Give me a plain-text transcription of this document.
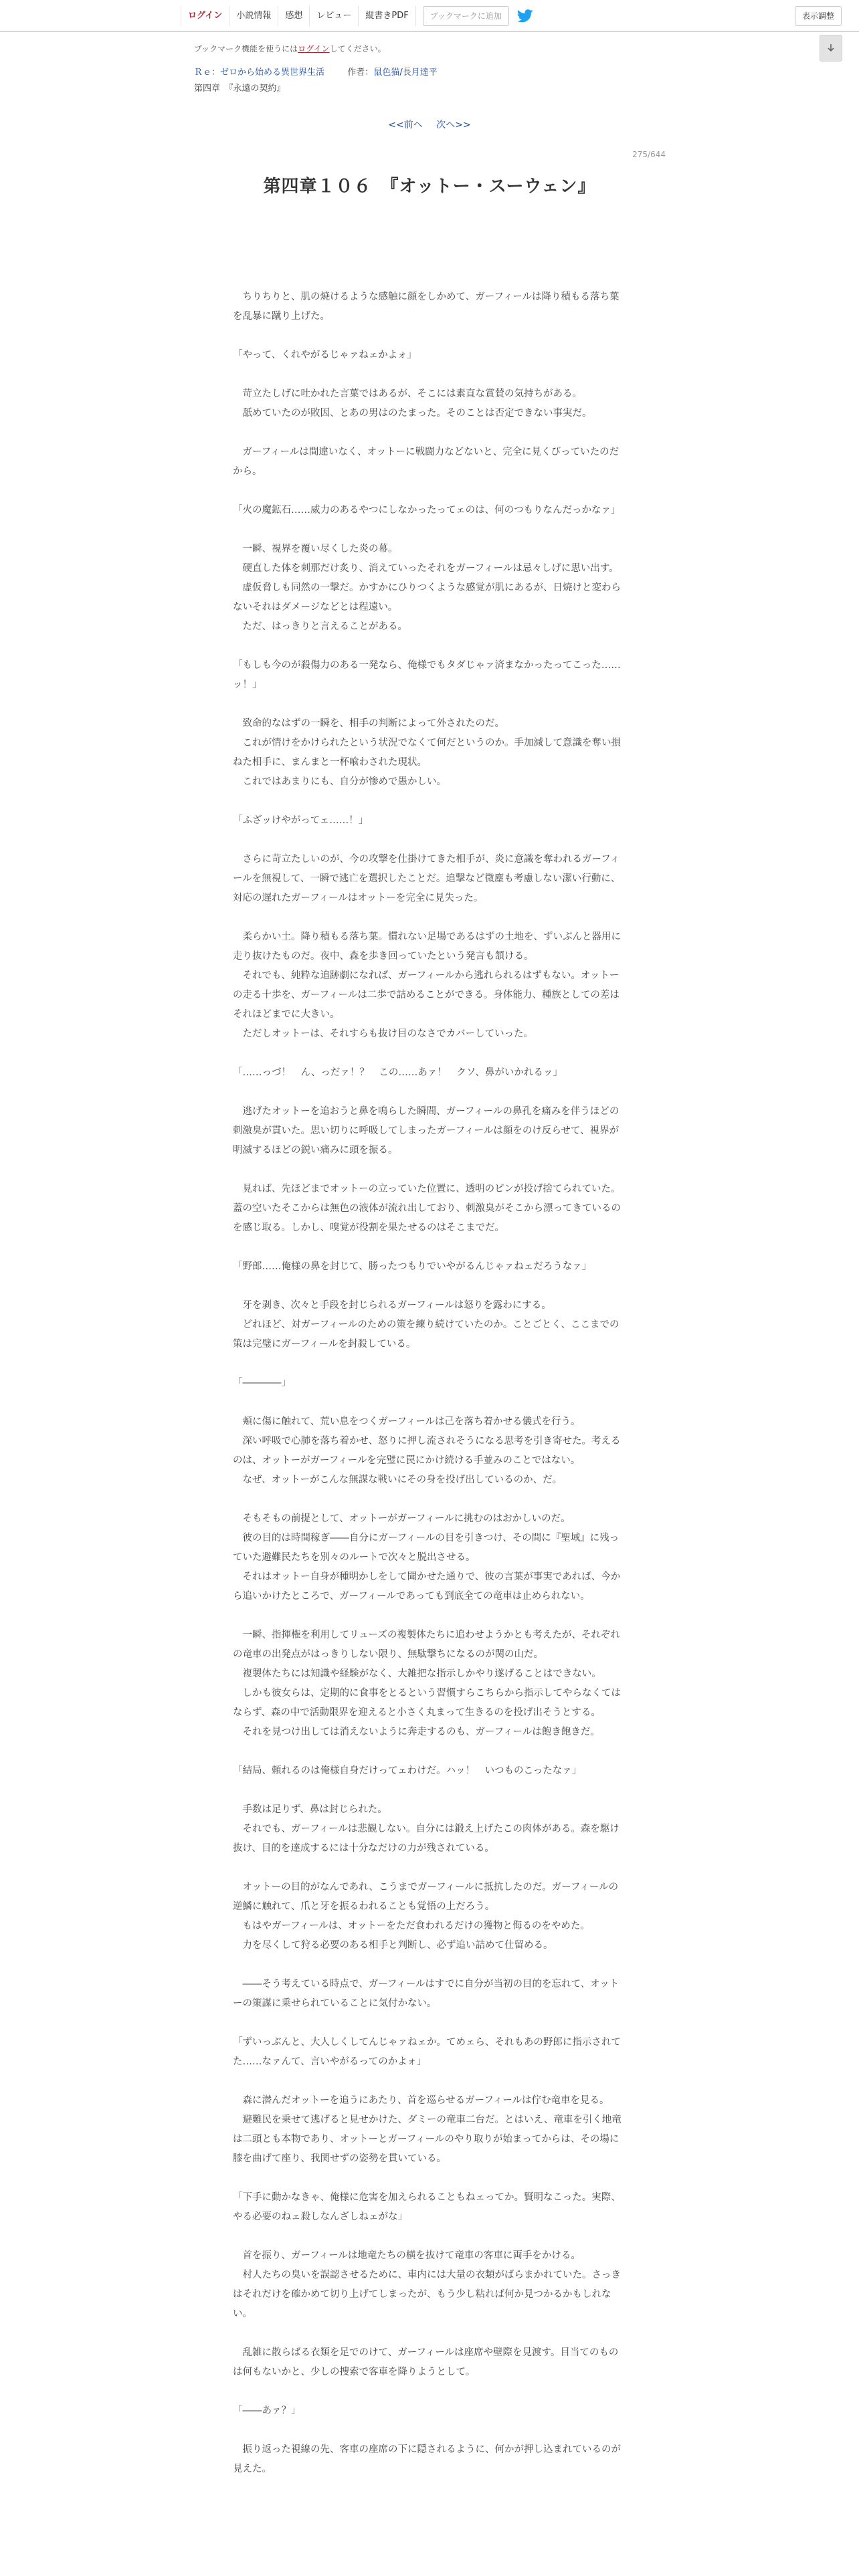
ログイン	小説情報	感想	レビュー	縦書きPDF	ブックマークに追加	表示調整
ブックマーク機能を使うにはログインしてください。
Ｒｅ：ゼロから始める異世界生活	作者：鼠色猫/長月達平
第四章　『永遠の契約』
<<前へ 次へ>>
275/644
第四章１０６　『オットー・スーウェン』

　ちりちりと、肌の焼けるような感触に顔をしかめて、ガーフィールは降り積もる落ち葉を乱暴に蹴り上げた。

「やって、くれやがるじゃァねェかよォ」

　苛立たしげに吐かれた言葉ではあるが、そこには素直な賞賛の気持ちがある。

　舐めていたのが敗因、とあの男はのたまった。そのことは否定できない事実だ。

　ガーフィールは間違いなく、オットーに戦闘力などないと、完全に見くびっていたのだから。

「火の魔鉱石……威力のあるやつにしなかったってェのは、何のつもりなんだっかなァ」

　一瞬、視界を覆い尽くした炎の幕。

　硬直した体を刺那だけ炙り、消えていったそれをガーフィールは忌々しげに思い出す。

　虚仮脅しも同然の一撃だ。かすかにひりつくような感覚が肌にあるが、日焼けと変わらないそれはダメージなどとは程遠い。

　ただ、はっきりと言えることがある。

「もしも今のが殺傷力のある一発なら、俺様でもタダじゃァ済まなかったってこった……ッ！」

　致命的なはずの一瞬を、相手の判断によって外されたのだ。

　これが情けをかけられたという状況でなくて何だというのか。手加減して意識を奪い損ねた相手に、まんまと一杯喰わされた現状。

　これではあまりにも、自分が惨めで愚かしい。

「ふざッけやがってェ……！」

　さらに苛立たしいのが、今の攻撃を仕掛けてきた相手が、炎に意識を奪われるガーフィールを無視して、一瞬で逃亡を選択したことだ。追撃など微塵も考慮しない潔い行動に、対応の遅れたガーフィールはオットーを完全に見失った。

　柔らかい土。降り積もる落ち葉。慣れない足場であるはずの土地を、ずいぶんと器用に走り抜けたものだ。夜中、森を歩き回っていたという発言も頷ける。

　それでも、純粋な追跡劇になれば、ガーフィールから逃れられるはずもない。オットーの走る十歩を、ガーフィールは二歩で詰めることができる。身体能力、種族としての差はそれほどまでに大きい。

　ただしオットーは、それすらも抜け目のなさでカバーしていった。

「……っづ！　ん、っだァ！？　この……あァ！　クソ、鼻がいかれるッ」

　逃げたオットーを追おうと鼻を鳴らした瞬間、ガーフィールの鼻孔を痛みを伴うほどの刺激臭が貫いた。思い切りに呼吸してしまったガーフィールは顔をのけ反らせて、視界が明滅するほどの鋭い痛みに頭を振る。

　見れば、先ほどまでオットーの立っていた位置に、透明のビンが投げ捨てられていた。蓋の空いたそこからは無色の液体が流れ出しており、刺激臭がそこから漂ってきているのを感じ取る。しかし、嗅覚が役割を果たせるのはそこまでだ。

「野郎……俺様の鼻を封じて、勝ったつもりでいやがるんじゃァねェだろうなァ」

　牙を剥き、次々と手段を封じられるガーフィールは怒りを露わにする。

　どれほど、対ガーフィールのための策を練り続けていたのか。ことごとく、ここまでの策は完璧にガーフィールを封殺している。

「――――」

　頬に傷に触れて、荒い息をつくガーフィールは己を落ち着かせる儀式を行う。

　深い呼吸で心肺を落ち着かせ、怒りに押し流されそうになる思考を引き寄せた。考えるのは、オットーがガーフィールを完璧に罠にかけ続ける手並みのことではない。

　なぜ、オットーがこんな無謀な戦いにその身を投げ出しているのか、だ。

　そもそもの前提として、オットーがガーフィールに挑むのはおかしいのだ。

　彼の目的は時間稼ぎ――自分にガーフィールの目を引きつけ、その間に『聖域』に残っていた避難民たちを別々のルートで次々と脱出させる。

　それはオットー自身が種明かしをして聞かせた通りで、彼の言葉が事実であれば、今から追いかけたところで、ガーフィールであっても到底全ての竜車は止められない。

　一瞬、指揮権を利用してリューズの複製体たちに追わせようかとも考えたが、それぞれの竜車の出発点がはっきりしない限り、無駄撃ちになるのが関の山だ。

　複製体たちには知識や経験がなく、大雑把な指示しかやり遂げることはできない。

　しかも彼女らは、定期的に食事をとるという習慣すらこちらから指示してやらなくてはならず、森の中で活動限界を迎えると小さく丸まって生きるのを投げ出そうとする。

　それを見つけ出しては消えないように奔走するのも、ガーフィールは飽き飽きだ。

「結局、頼れるのは俺様自身だけってェわけだ。ハッ！　いつものこったなァ」

　手数は足りず、鼻は封じられた。

　それでも、ガーフィールは悲観しない。自分には鍛え上げたこの肉体がある。森を駆け抜け、目的を達成するには十分なだけの力が残されている。

　オットーの目的がなんであれ、こうまでガーフィールに抵抗したのだ。ガーフィールの逆鱗に触れて、爪と牙を振るわれることも覚悟の上だろう。

　もはやガーフィールは、オットーをただ食われるだけの獲物と侮るのをやめた。

　力を尽くして狩る必要のある相手と判断し、必ず追い詰めて仕留める。

　――そう考えている時点で、ガーフィールはすでに自分が当初の目的を忘れて、オットーの策謀に乗せられていることに気付かない。

「ずいっぶんと、大人しくしてんじゃァねェか。てめェら、それもあの野郎に指示されてた……なァんて、言いやがるってのかよォ」

　森に潜んだオットーを追うにあたり、首を巡らせるガーフィールは佇む竜車を見る。

　避難民を乗せて逃げると見せかけた、ダミーの竜車二台だ。とはいえ、竜車を引く地竜は二頭とも本物であり、オットーとガーフィールのやり取りが始まってからは、その場に膝を曲げて座り、我関せずの姿勢を貫いている。

「下手に動かなきゃ、俺様に危害を加えられることもねェってか。賢明なこった。実際、やる必要のねェ殺しなんざしねェがな」

　首を振り、ガーフィールは地竜たちの横を抜けて竜車の客車に両手をかける。

　村人たちの臭いを誤認させるために、車内には大量の衣類がばらまかれていた。さっきはそれだけを確かめて切り上げてしまったが、もう少し粘れば何か見つかるかもしれない。

　乱雑に散らばる衣類を足でのけて、ガーフィールは座席や壁際を見渡す。目当てのものは何もないかと、少しの捜索で客車を降りようとして。

「――あァ？」

　振り返った視線の先、客車の座席の下に隠されるように、何かが押し込まれているのが見えた。
